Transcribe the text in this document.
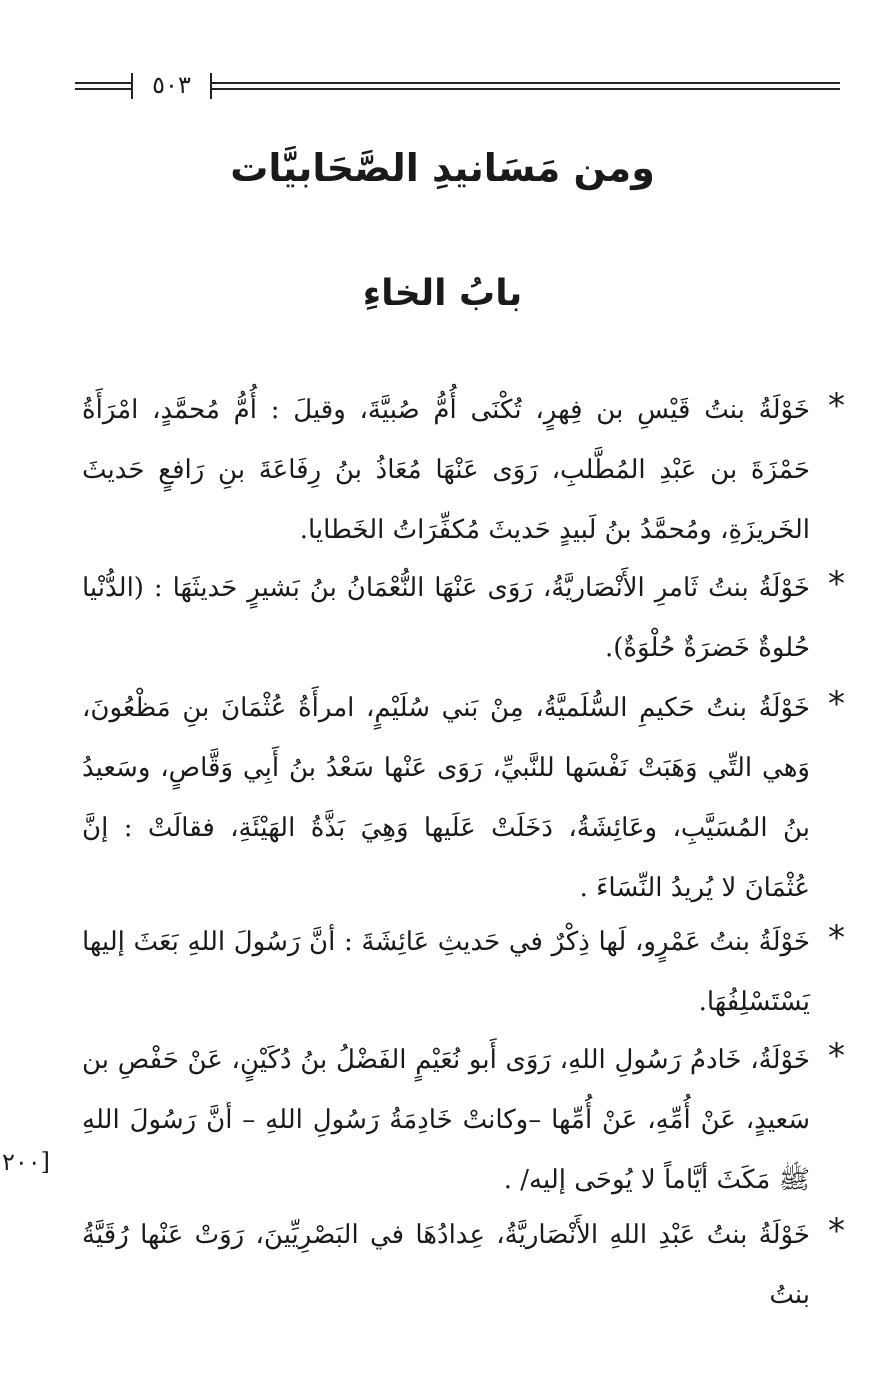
٥٠٣
ومن مَسَانيدِ الصَّحَابيَّات
بابُ الخاءِ
*
خَوْلَةُ بنتُ قَيْسِ بن فِهرٍ، تُكْنَى أُمُّ صُبيَّةَ، وقيلَ : أُمُّ مُحمَّدٍ، امْرَأَةُ حَمْزَةَ بن عَبْدِ المُطَّلبِ، رَوَى عَنْهَا مُعَاذُ بنُ رِفَاعَةَ بنِ رَافعٍ حَديثَ الخَريزَةِ، ومُحمَّدُ بنُ لَبيدٍ حَديثَ مُكفِّرَاتُ الخَطايا.
*
خَوْلَةُ بنتُ ثَامرِ الأَنْصَاريَّةُ، رَوَى عَنْهَا النُّعْمَانُ بنُ بَشيرٍ حَديثَهَا : (الدُّنْيا حُلوةٌ خَضرَةٌ حُلْوَةٌ).
*
خَوْلَةُ بنتُ حَكيمِ السُّلَميَّةُ، مِنْ بَني سُلَيْمٍ، امرأَةُ عُثْمَانَ بنِ مَظْعُونَ، وَهي التِّي وَهَبَتْ نَفْسَها للنَّبيِّ، رَوَى عَنْها سَعْدُ بنُ أَبِي وَقَّاصٍ، وسَعيدُ بنُ المُسَيَّبِ، وعَائِشَةُ، دَخَلَتْ عَلَيها وَهِيَ بَذَّةُ الهَيْئَةِ، فقالَتْ : إنَّ عُثْمَانَ لا يُريدُ النِّسَاءَ .
*
خَوْلَةُ بنتُ عَمْرٍو، لَها ذِكْرٌ في حَديثِ عَائِشَةَ : أنَّ رَسُولَ اللهِ بَعَثَ إليها يَسْتَسْلِفُهَا.
*
خَوْلَةُ، خَادمُ رَسُولِ اللهِ، رَوَى أَبو نُعَيْمٍ الفَضْلُ بنُ دُكَيْنٍ، عَنْ حَفْصِ بن سَعيدٍ، عَنْ أُمِّهِ، عَنْ أُمِّها –وكانتْ خَادِمَةُ رَسُولِ اللهِ – أنَّ رَسُولَ اللهِ ﷺ مَكَثَ أيَّاماً لا يُوحَى إليه/ .
*
خَوْلَةُ بنتُ عَبْدِ اللهِ الأَنْصَاريَّةُ، عِدادُهَا في البَصْرِيِّينَ، رَوَتْ عَنْها رُقَيَّةُ بنتُ
[٢٠٠
